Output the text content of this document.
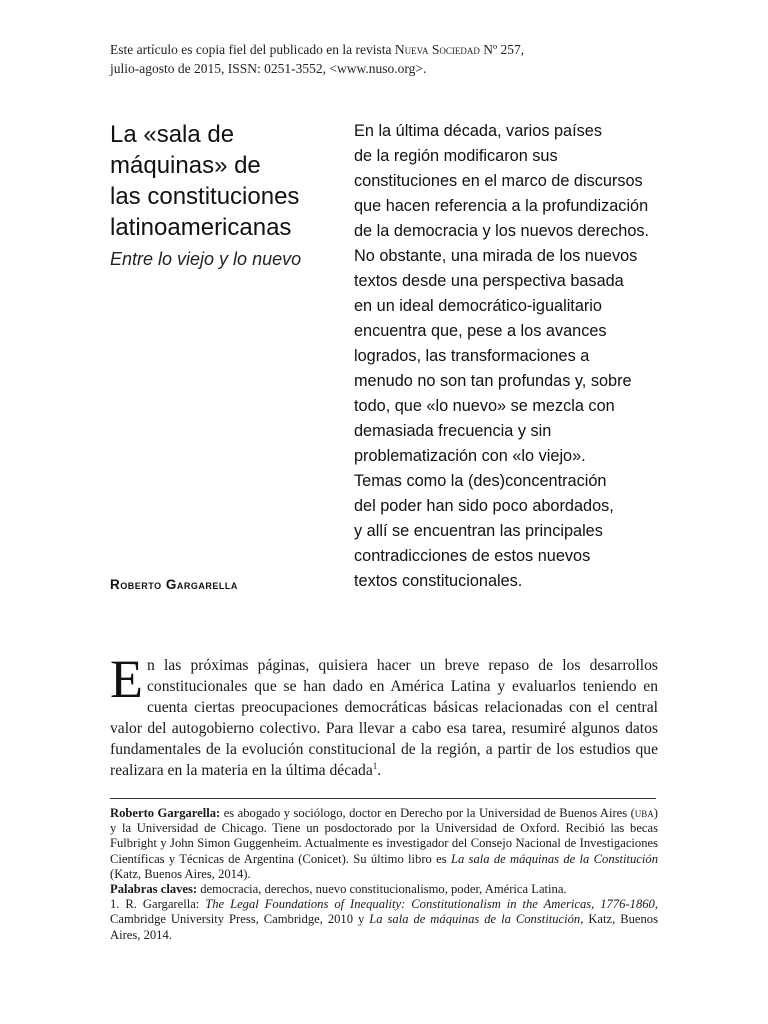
Este artículo es copia fiel del publicado en la revista Nueva Sociedad Nº 257,
julio-agosto de 2015, ISSN: 0251-3552, <www.nuso.org>.
La «sala de
máquinas» de
las constituciones
latinoamericanas
Entre lo viejo y lo nuevo
En la última década, varios países
de la región modificaron sus
constituciones en el marco de discursos
que hacen referencia a la profundización
de la democracia y los nuevos derechos.
No obstante, una mirada de los nuevos
textos desde una perspectiva basada
en un ideal democrático-igualitario
encuentra que, pese a los avances
logrados, las transformaciones a
menudo no son tan profundas y, sobre
todo, que «lo nuevo» se mezcla con
demasiada frecuencia y sin
problematización con «lo viejo».
Temas como la (des)concentración
del poder han sido poco abordados,
y allí se encuentran las principales
contradicciones de estos nuevos
textos constitucionales.
Roberto Gargarella
En las próximas páginas, quisiera hacer un breve repaso de los desarrollos constitucionales que se han dado en América Latina y evaluarlos teniendo en cuenta ciertas preocupaciones democráticas básicas relacionadas con el central valor del autogobierno colectivo. Para llevar a cabo esa tarea, resumiré algunos datos fundamentales de la evolución constitucional de la región, a partir de los estudios que realizara en la materia en la última década$^1$.

Roberto Gargarella: es abogado y sociólogo, doctor en Derecho por la Universidad de Buenos Aires (uba) y la Universidad de Chicago. Tiene un posdoctorado por la Universidad de Oxford. Recibió las becas Fulbright y John Simon Guggenheim. Actualmente es investigador del Consejo Nacional de Investigaciones Científicas y Técnicas de Argentina (Conicet). Su último libro es La sala de máquinas de la Constitución (Katz, Buenos Aires, 2014).

Palabras claves: democracia, derechos, nuevo constitucionalismo, poder, América Latina.

1. R. Gargarella: The Legal Foundations of Inequality: Constitutionalism in the Americas, 1776-1860, Cambridge University Press, Cambridge, 2010 y La sala de máquinas de la Constitución, Katz, Buenos Aires, 2014.
